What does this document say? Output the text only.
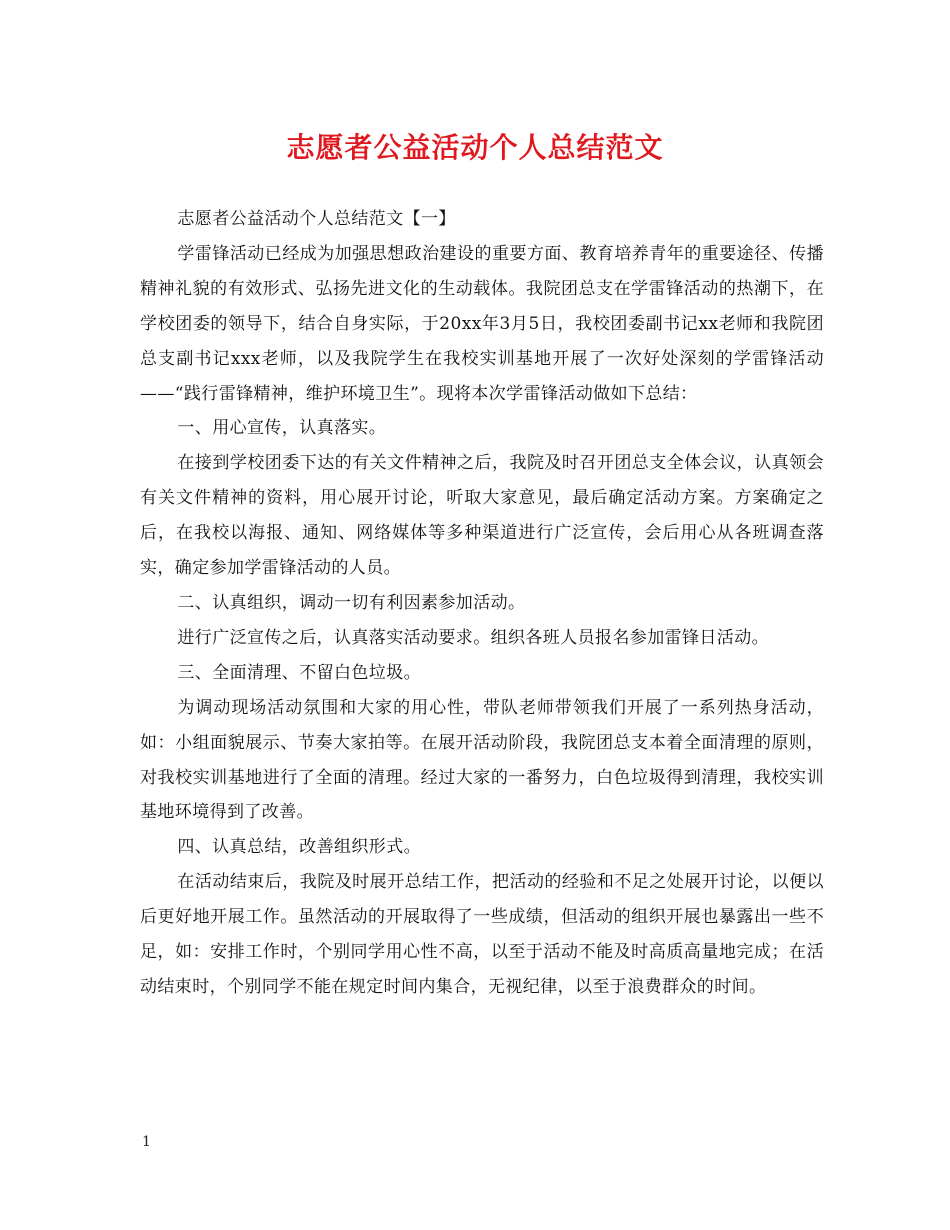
志愿者公益活动个人总结范文

志愿者公益活动个人总结范文【一】

学雷锋活动已经成为加强思想政治建设的重要方面、教育培养青年的重要途径、传播精神礼貌的有效形式、弘扬先进文化的生动载体。我院团总支在学雷锋活动的热潮下，在学校团委的领导下，结合自身实际，于20xx年3月5日，我校团委副书记xx老师和我院团总支副书记xxx老师，以及我院学生在我校实训基地开展了一次好处深刻的学雷锋活动——“践行雷锋精神，维护环境卫生”。现将本次学雷锋活动做如下总结：

一、用心宣传，认真落实。

在接到学校团委下达的有关文件精神之后，我院及时召开团总支全体会议，认真领会有关文件精神的资料，用心展开讨论，听取大家意见，最后确定活动方案。方案确定之后，在我校以海报、通知、网络媒体等多种渠道进行广泛宣传，会后用心从各班调查落实，确定参加学雷锋活动的人员。

二、认真组织，调动一切有利因素参加活动。

进行广泛宣传之后，认真落实活动要求。组织各班人员报名参加雷锋日活动。

三、全面清理、不留白色垃圾。

为调动现场活动氛围和大家的用心性，带队老师带领我们开展了一系列热身活动，如：小组面貌展示、节奏大家拍等。在展开活动阶段，我院团总支本着全面清理的原则，对我校实训基地进行了全面的清理。经过大家的一番努力，白色垃圾得到清理，我校实训基地环境得到了改善。

四、认真总结，改善组织形式。

在活动结束后，我院及时展开总结工作，把活动的经验和不足之处展开讨论，以便以后更好地开展工作。虽然活动的开展取得了一些成绩，但活动的组织开展也暴露出一些不足，如：安排工作时，个别同学用心性不高，以至于活动不能及时高质高量地完成；在活动结束时，个别同学不能在规定时间内集合，无视纪律，以至于浪费群众的时间。

1
